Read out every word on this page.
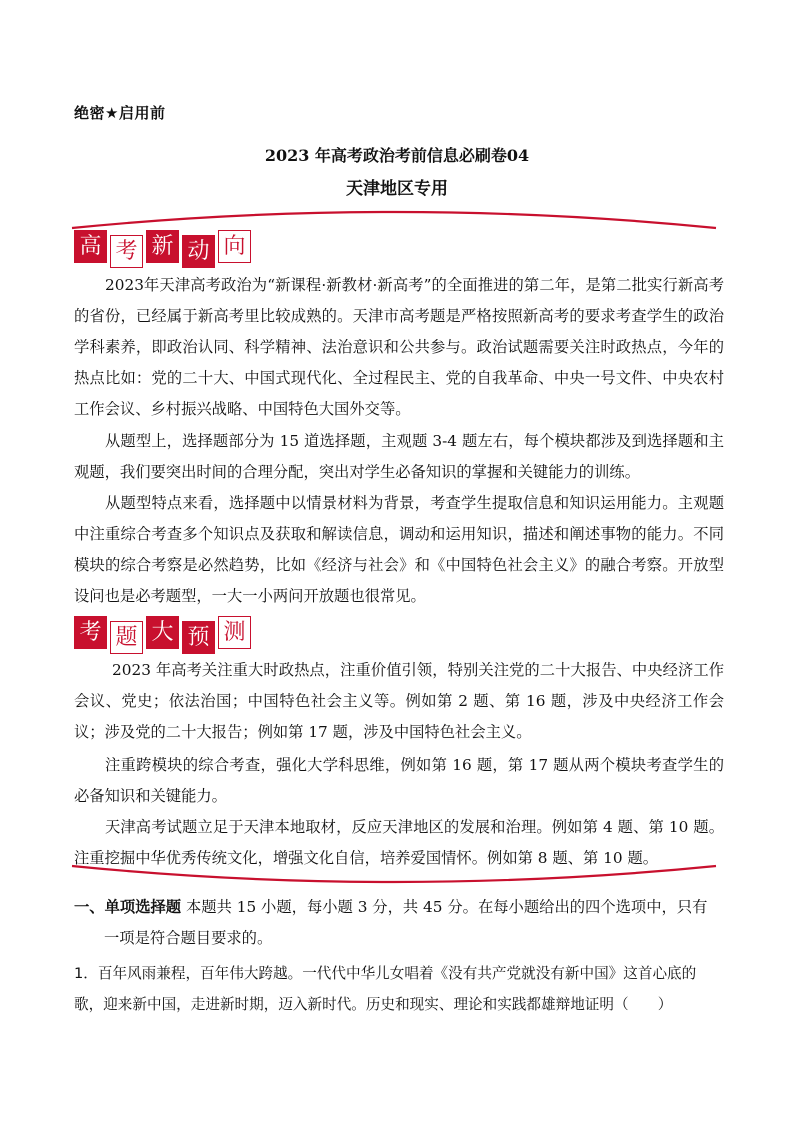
绝密★启用前
2023 年高考政治考前信息必刷卷04
天津地区专用
高 考 新 动 向
2023年天津高考政治为“新课程·新教材·新高考”的全面推进的第二年，是第二批实行新高考的省份，已经属于新高考里比较成熟的。天津市高考题是严格按照新高考的要求考查学生的政治学科素养，即政治认同、科学精神、法治意识和公共参与。政治试题需要关注时政热点，今年的热点比如：党的二十大、中国式现代化、全过程民主、党的自我革命、中央一号文件、中央农村工作会议、乡村振兴战略、中国特色大国外交等。
从题型上，选择题部分为 15 道选择题，主观题 3-4 题左右，每个模块都涉及到选择题和主观题，我们要突出时间的合理分配，突出对学生必备知识的掌握和关键能力的训练。
从题型特点来看，选择题中以情景材料为背景，考查学生提取信息和知识运用能力。主观题中注重综合考查多个知识点及获取和解读信息，调动和运用知识，描述和阐述事物的能力。不同模块的综合考察是必然趋势，比如《经济与社会》和《中国特色社会主义》的融合考察。开放型设问也是必考题型，一大一小两问开放题也很常见。
考 题 大 预 测
2023 年高考关注重大时政热点，注重价值引领，特别关注党的二十大报告、中央经济工作会议、党史；依法治国；中国特色社会主义等。例如第 2 题、第 16 题，涉及中央经济工作会议；涉及党的二十大报告；例如第 17 题，涉及中国特色社会主义。
注重跨模块的综合考查，强化大学科思维，例如第 16 题，第 17 题从两个模块考查学生的必备知识和关键能力。
天津高考试题立足于天津本地取材，反应天津地区的发展和治理。例如第 4 题、第 10 题。注重挖掘中华优秀传统文化，增强文化自信，培养爱国情怀。例如第 8 题、第 10 题。
一、单项选择题 本题共 15 小题，每小题 3 分，共 45 分。在每小题给出的四个选项中，只有
一项是符合题目要求的。
1．百年风雨兼程，百年伟大跨越。一代代中华儿女唱着《没有共产党就没有新中国》这首心底的歌，迎来新中国，走进新时期，迈入新时代。历史和现实、理论和实践都雄辩地证明（　　）
